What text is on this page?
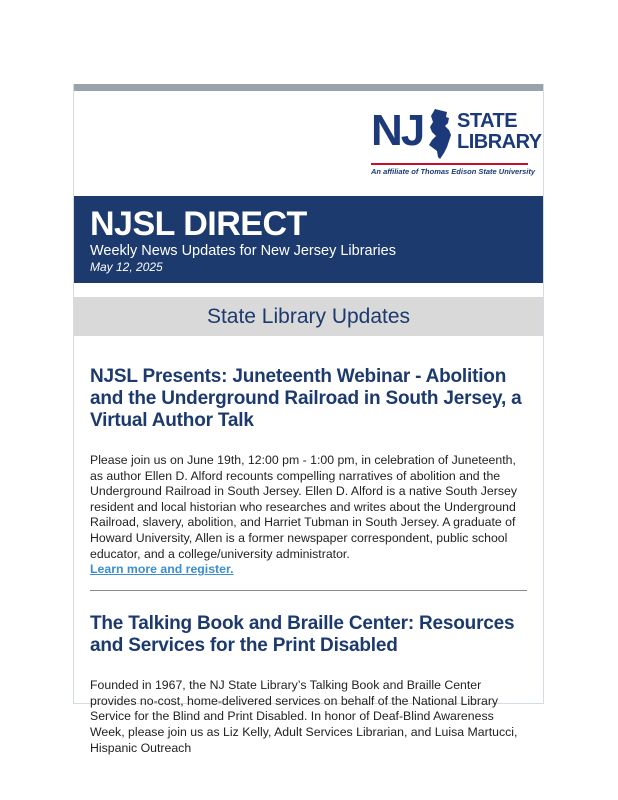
NJ STATE
LIBRARY
An affiliate of Thomas Edison State University
NJSL DIRECT
Weekly News Updates for New Jersey Libraries
May 12, 2025
State Library Updates
NJSL Presents: Juneteenth Webinar - Abolition and the Underground Railroad in South Jersey, a Virtual Author Talk
Please join us on June 19th, 12:00 pm - 1:00 pm, in celebration of Juneteenth, as author Ellen D. Alford recounts compelling narratives of abolition and the Underground Railroad in South Jersey. Ellen D. Alford is a native South Jersey resident and local historian who researches and writes about the Underground Railroad, slavery, abolition, and Harriet Tubman in South Jersey. A graduate of Howard University, Allen is a former newspaper correspondent, public school educator, and a college/university administrator.
Learn more and register.
The Talking Book and Braille Center: Resources and Services for the Print Disabled
Founded in 1967, the NJ State Library’s Talking Book and Braille Center provides no-cost, home-delivered services on behalf of the National Library Service for the Blind and Print Disabled. In honor of Deaf-Blind Awareness Week, please join us as Liz Kelly, Adult Services Librarian, and Luisa Martucci, Hispanic Outreach
